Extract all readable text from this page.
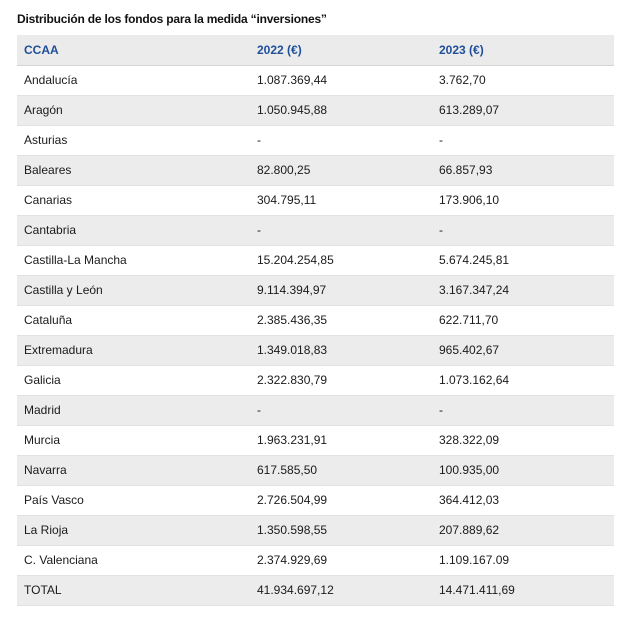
Distribución de los fondos para la medida “inversiones”
CCAA	2022 (€)	2023 (€)
Andalucía	1.087.369,44	3.762,70
Aragón	1.050.945,88	613.289,07
Asturias	-	-
Baleares	82.800,25	66.857,93
Canarias	304.795,11	173.906,10
Cantabria	-	-
Castilla-La Mancha	15.204.254,85	5.674.245,81
Castilla y León	9.114.394,97	3.167.347,24
Cataluña	2.385.436,35	622.711,70
Extremadura	1.349.018,83	965.402,67
Galicia	2.322.830,79	1.073.162,64
Madrid	-	-
Murcia	1.963.231,91	328.322,09
Navarra	617.585,50	100.935,00
País Vasco	2.726.504,99	364.412,03
La Rioja	1.350.598,55	207.889,62
C. Valenciana	2.374.929,69	1.109.167.09
TOTAL	41.934.697,12	14.471.411,69
